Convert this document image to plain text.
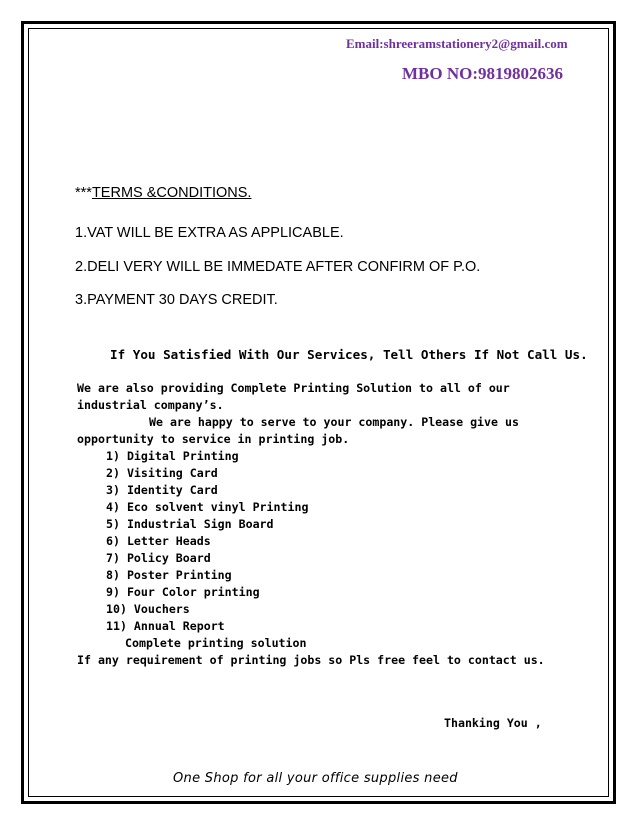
Email:shreeramstationery2@gmail.com
MBO NO:9819802636
***TERMS &CONDITIONS.
1.VAT WILL BE EXTRA AS APPLICABLE.
2.DELI VERY WILL BE IMMEDATE AFTER CONFIRM OF P.O.
3.PAYMENT 30 DAYS CREDIT.
If You Satisfied With Our Services, Tell Others If Not Call Us.
We are also providing Complete Printing Solution to all of our
industrial company’s.
We are happy to serve to your company. Please give us
opportunity to service in printing job.
1) Digital Printing
2) Visiting Card
3) Identity Card
4) Eco solvent vinyl Printing
5) Industrial Sign Board
6) Letter Heads
7) Policy Board
8) Poster Printing
9) Four Color printing
10) Vouchers
11) Annual Report
Complete printing solution
If any requirement of printing jobs so Pls free feel to contact us.
Thanking You ,
One Shop for all your office supplies need
